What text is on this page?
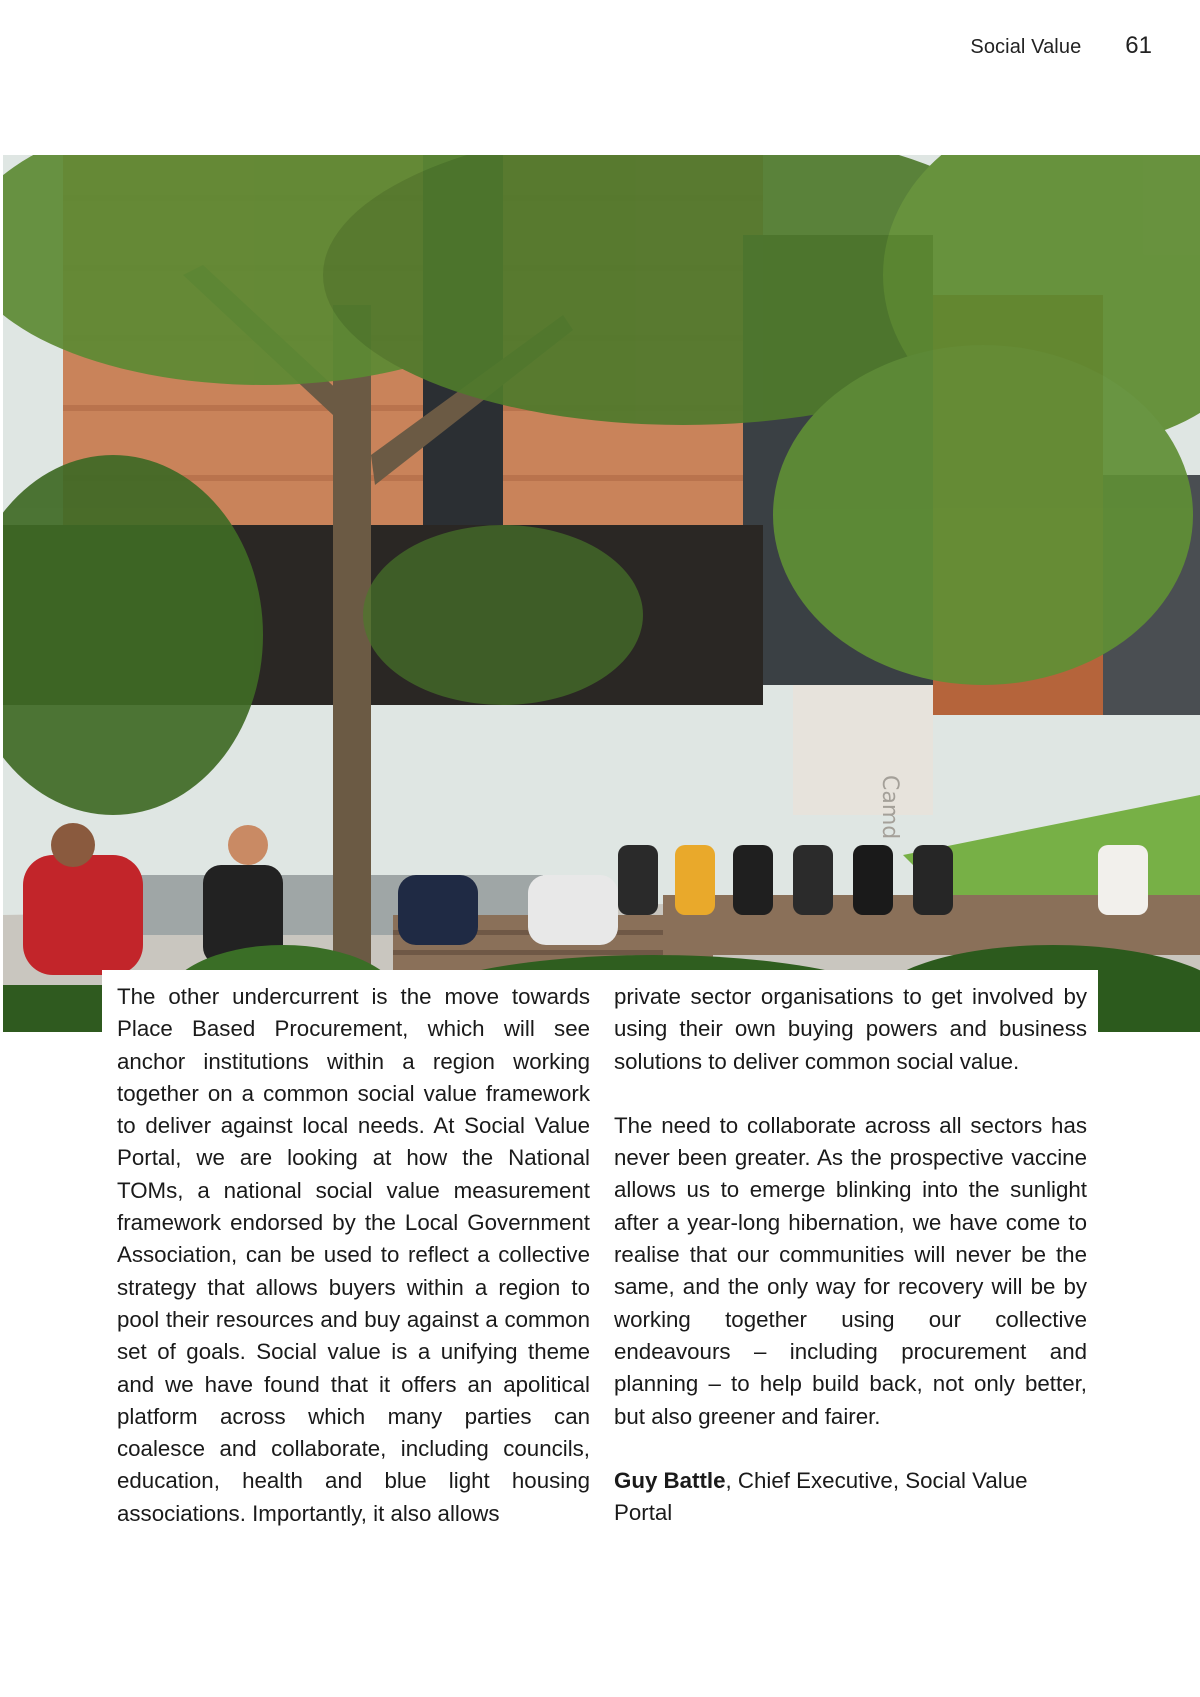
Social Value 61
Camd

The other undercurrent is the move towards Place Based Procurement, which will see anchor institutions within a region working together on a common social value framework to deliver against local needs. At Social Value Portal, we are looking at how the National TOMs, a national social value measurement framework endorsed by the Local Government Association, can be used to reflect a collective strategy that allows buyers within a region to pool their resources and buy against a common set of goals. Social value is a unifying theme and we have found that it offers an apolitical platform across which many parties can coalesce and collaborate, including councils, education, health and blue light housing associations. Importantly, it also allows

private sector organisations to get involved by using their own buying powers and business solutions to deliver common social value.

The need to collaborate across all sectors has never been greater. As the prospective vaccine allows us to emerge blinking into the sunlight after a year-long hibernation, we have come to realise that our communities will never be the same, and the only way for recovery will be by working together using our collective endeavours – including procurement and planning – to help build back, not only better, but also greener and fairer.

Guy Battle, Chief Executive, Social Value Portal
